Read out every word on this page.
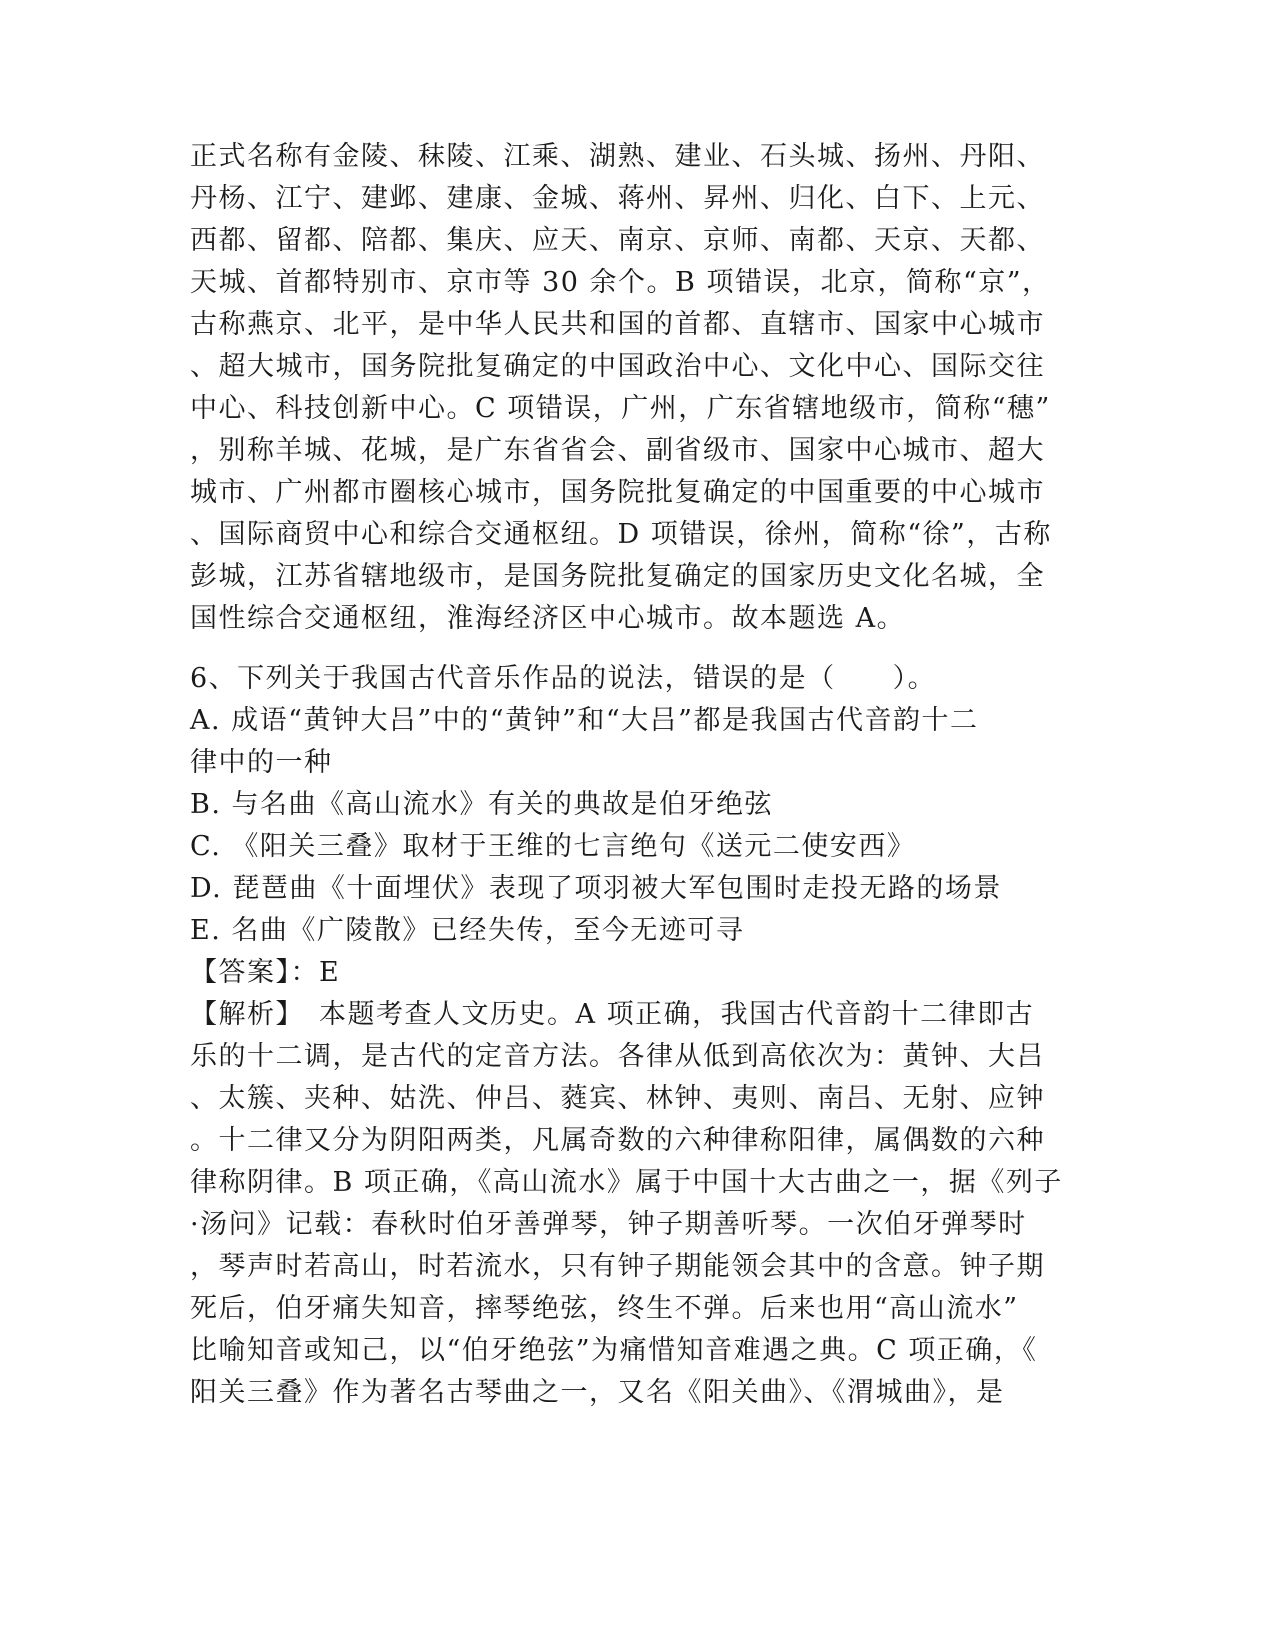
正式名称有金陵、秣陵、江乘、湖熟、建业、石头城、扬州、丹阳、
丹杨、江宁、建邺、建康、金城、蒋州、昇州、归化、白下、上元、
西都、留都、陪都、集庆、应天、南京、京师、南都、天京、天都、
天城、首都特别市、京市等 30 余个。B 项错误，北京，简称“京”，
古称燕京、北平，是中华人民共和国的首都、直辖市、国家中心城市
、超大城市，国务院批复确定的中国政治中心、文化中心、国际交往
中心、科技创新中心。C 项错误，广州，广东省辖地级市，简称“穗”
，别称羊城、花城，是广东省省会、副省级市、国家中心城市、超大
城市、广州都市圈核心城市，国务院批复确定的中国重要的中心城市
、国际商贸中心和综合交通枢纽。D 项错误，徐州，简称“徐”，古称
彭城，江苏省辖地级市，是国务院批复确定的国家历史文化名城，全
国性综合交通枢纽，淮海经济区中心城市。故本题选 A。
6、下列关于我国古代音乐作品的说法，错误的是（　　）。
A. 成语“黄钟大吕”中的“黄钟”和“大吕”都是我国古代音韵十二
律中的一种
B. 与名曲《高山流水》有关的典故是伯牙绝弦
C. 《阳关三叠》取材于王维的七言绝句《送元二使安西》
D. 琵琶曲《十面埋伏》表现了项羽被大军包围时走投无路的场景
E. 名曲《广陵散》已经失传，至今无迹可寻
【答案】：E
【解析】　本题考查人文历史。A 项正确，我国古代音韵十二律即古
乐的十二调，是古代的定音方法。各律从低到高依次为：黄钟、大吕
、太簇、夹种、姑洗、仲吕、蕤宾、林钟、夷则、南吕、无射、应钟
。十二律又分为阴阳两类，凡属奇数的六种律称阳律，属偶数的六种
律称阴律。B 项正确，《高山流水》属于中国十大古曲之一，据《列子
·汤问》记载：春秋时伯牙善弹琴，钟子期善听琴。一次伯牙弹琴时
，琴声时若高山，时若流水，只有钟子期能领会其中的含意。钟子期
死后，伯牙痛失知音，摔琴绝弦，终生不弹。后来也用“高山流水”
比喻知音或知己，以“伯牙绝弦”为痛惜知音难遇之典。C 项正确，《
阳关三叠》作为著名古琴曲之一，又名《阳关曲》、《渭城曲》，是
